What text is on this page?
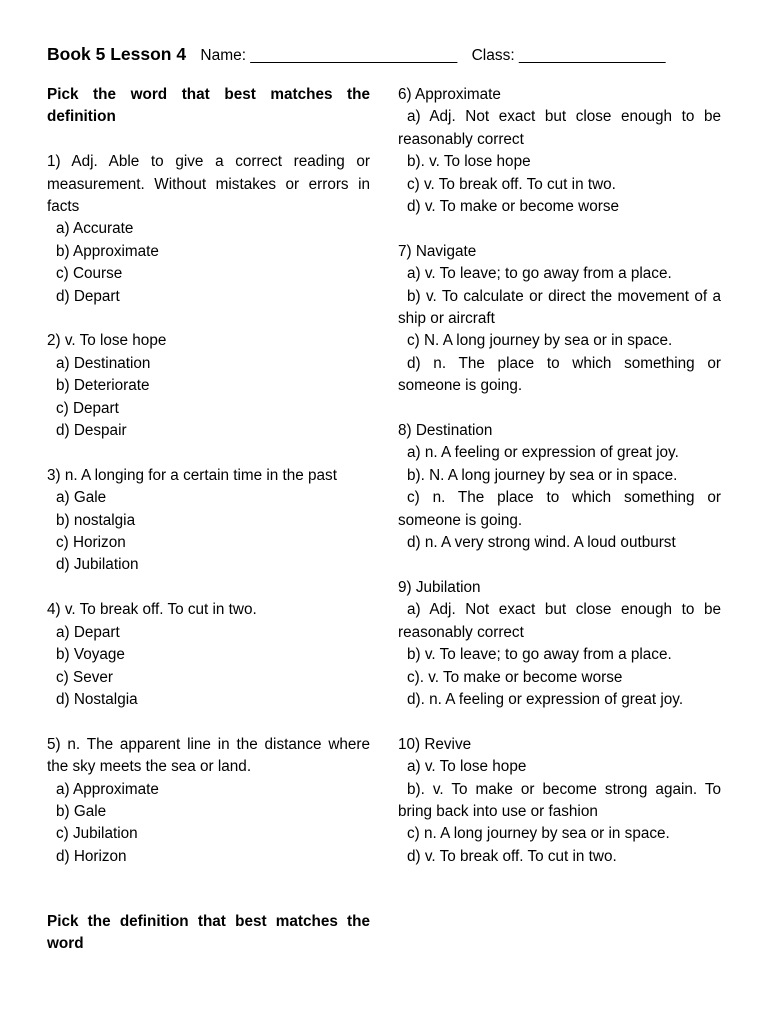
Book 5 Lesson 4 Name: ________________________ Class: _________________

Pick the word that best matches the definition

1) Adj. Able to give a correct reading or measurement. Without mistakes or errors in facts

a) Accurate

b) Approximate

c) Course

d) Depart

2) v. To lose hope

a) Destination

b) Deteriorate

c) Depart

d) Despair

3) n. A longing for a certain time in the past

a) Gale

b) nostalgia

c) Horizon

d) Jubilation

4) v. To break off. To cut in two.

a) Depart

b) Voyage

c) Sever

d) Nostalgia

5) n. The apparent line in the distance where the sky meets the sea or land.

a) Approximate

b) Gale

c) Jubilation

d) Horizon

6) Approximate

a) Adj. Not exact but close enough to be reasonably correct

b). v. To lose hope

c) v. To break off. To cut in two.

d) v. To make or become worse

7) Navigate

a) v. To leave; to go away from a place.

b) v. To calculate or direct the movement of a ship or aircraft

c) N. A long journey by sea or in space.

d) n. The place to which something or someone is going.

8) Destination

a) n. A feeling or expression of great joy.

b). N. A long journey by sea or in space.

c) n. The place to which something or someone is going.

d) n. A very strong wind. A loud outburst

9) Jubilation

a) Adj. Not exact but close enough to be reasonably correct

b) v. To leave; to go away from a place.

c). v. To make or become worse

d). n. A feeling or expression of great joy.

10) Revive

a) v. To lose hope

b). v. To make or become strong again. To bring back into use or fashion

c) n. A long journey by sea or in space.

d) v. To break off. To cut in two.

Pick the definition that best matches the word
